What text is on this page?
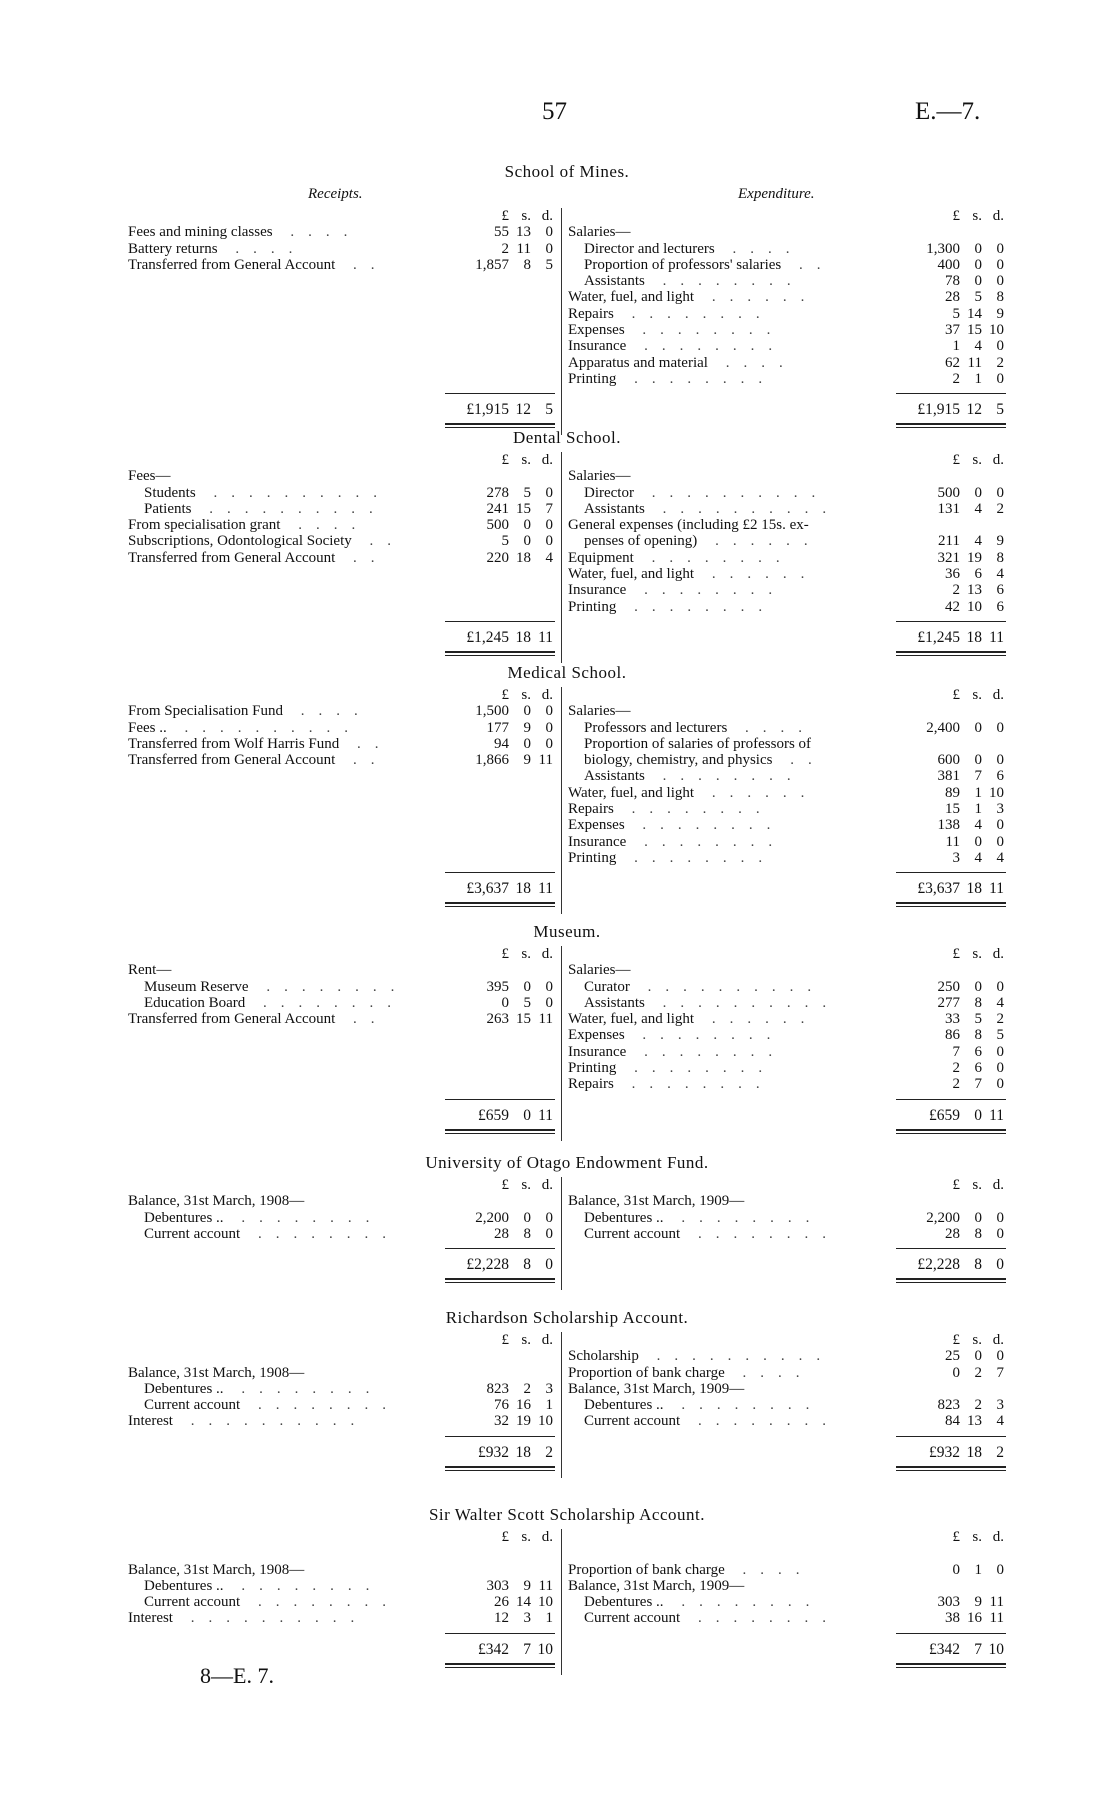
57	E.—7.
School of Mines.
Receipts.	Expenditure.
£ s. d.
Fees and mining classes ....	55 13 0
Battery returns ....	2 11 0
Transferred from General Account ..	1,857 8 5
£1,915 12 5
£ s. d.
Salaries—
Director and lecturers ....	1,300 0 0
Proportion of professors' salaries ..	400 0 0
Assistants ........	78 0 0
Water, fuel, and light ......	28 5 8
Repairs ........	5 14 9
Expenses ........	37 15 10
Insurance ........	1 4 0
Apparatus and material ....	62 11 2
Printing ........	2 1 0
£1,915 12 5
Dental School.
£ s. d.
Fees—
Students ..........	278 5 0
Patients ..........	241 15 7
From specialisation grant ....	500 0 0
Subscriptions, Odontological Society ..	5 0 0
Transferred from General Account ..	220 18 4
£1,245 18 11
£ s. d.
Salaries—
Director ..........	500 0 0
Assistants ..........	131 4 2
General expenses (including £2 15s. ex-
penses of opening) ......	211 4 9
Equipment ........	321 19 8
Water, fuel, and light ......	36 6 4
Insurance ........	2 13 6
Printing ........	42 10 6
£1,245 18 11
Medical School.
£ s. d.
From Specialisation Fund ....	1,500 0 0
Fees .. ..........	177 9 0
Transferred from Wolf Harris Fund ..	94 0 0
Transferred from General Account ..	1,866 9 11
£3,637 18 11
£ s. d.
Salaries—
Professors and lecturers ....	2,400 0 0
Proportion of salaries of professors of
biology, chemistry, and physics ..	600 0 0
Assistants ........	381 7 6
Water, fuel, and light ......	89 1 10
Repairs ........	15 1 3
Expenses ........	138 4 0
Insurance ........	11 0 0
Printing ........	3 4 4
£3,637 18 11
Museum.
£ s. d.
Rent—
Museum Reserve ........	395 0 0
Education Board ........	0 5 0
Transferred from General Account ..	263 15 11
£659 0 11
£ s. d.
Salaries—
Curator ..........	250 0 0
Assistants ..........	277 8 4
Water, fuel, and light ......	33 5 2
Expenses ........	86 8 5
Insurance ........	7 6 0
Printing ........	2 6 0
Repairs ........	2 7 0
£659 0 11
University of Otago Endowment Fund.
£ s. d.
Balance, 31st March, 1908—
Debentures .. ........	2,200 0 0
Current account ........	28 8 0
£2,228 8 0
£ s. d.
Balance, 31st March, 1909—
Debentures .. ........	2,200 0 0
Current account ........	28 8 0
£2,228 8 0
Richardson Scholarship Account.
£ s. d.
Balance, 31st March, 1908—
Debentures .. ........	823 2 3
Current account ........	76 16 1
Interest ..........	32 19 10
£932 18 2
£ s. d.
Scholarship ..........	25 0 0
Proportion of bank charge ....	0 2 7
Balance, 31st March, 1909—
Debentures .. ........	823 2 3
Current account ........	84 13 4
£932 18 2
Sir Walter Scott Scholarship Account.
£ s. d.
Balance, 31st March, 1908—
Debentures .. ........	303 9 11
Current account ........	26 14 10
Interest ..........	12 3 1
£342 7 10
£ s. d.
Proportion of bank charge ....	0 1 0
Balance, 31st March, 1909—
Debentures .. ........	303 9 11
Current account ........	38 16 11
£342 7 10
8—E. 7.
